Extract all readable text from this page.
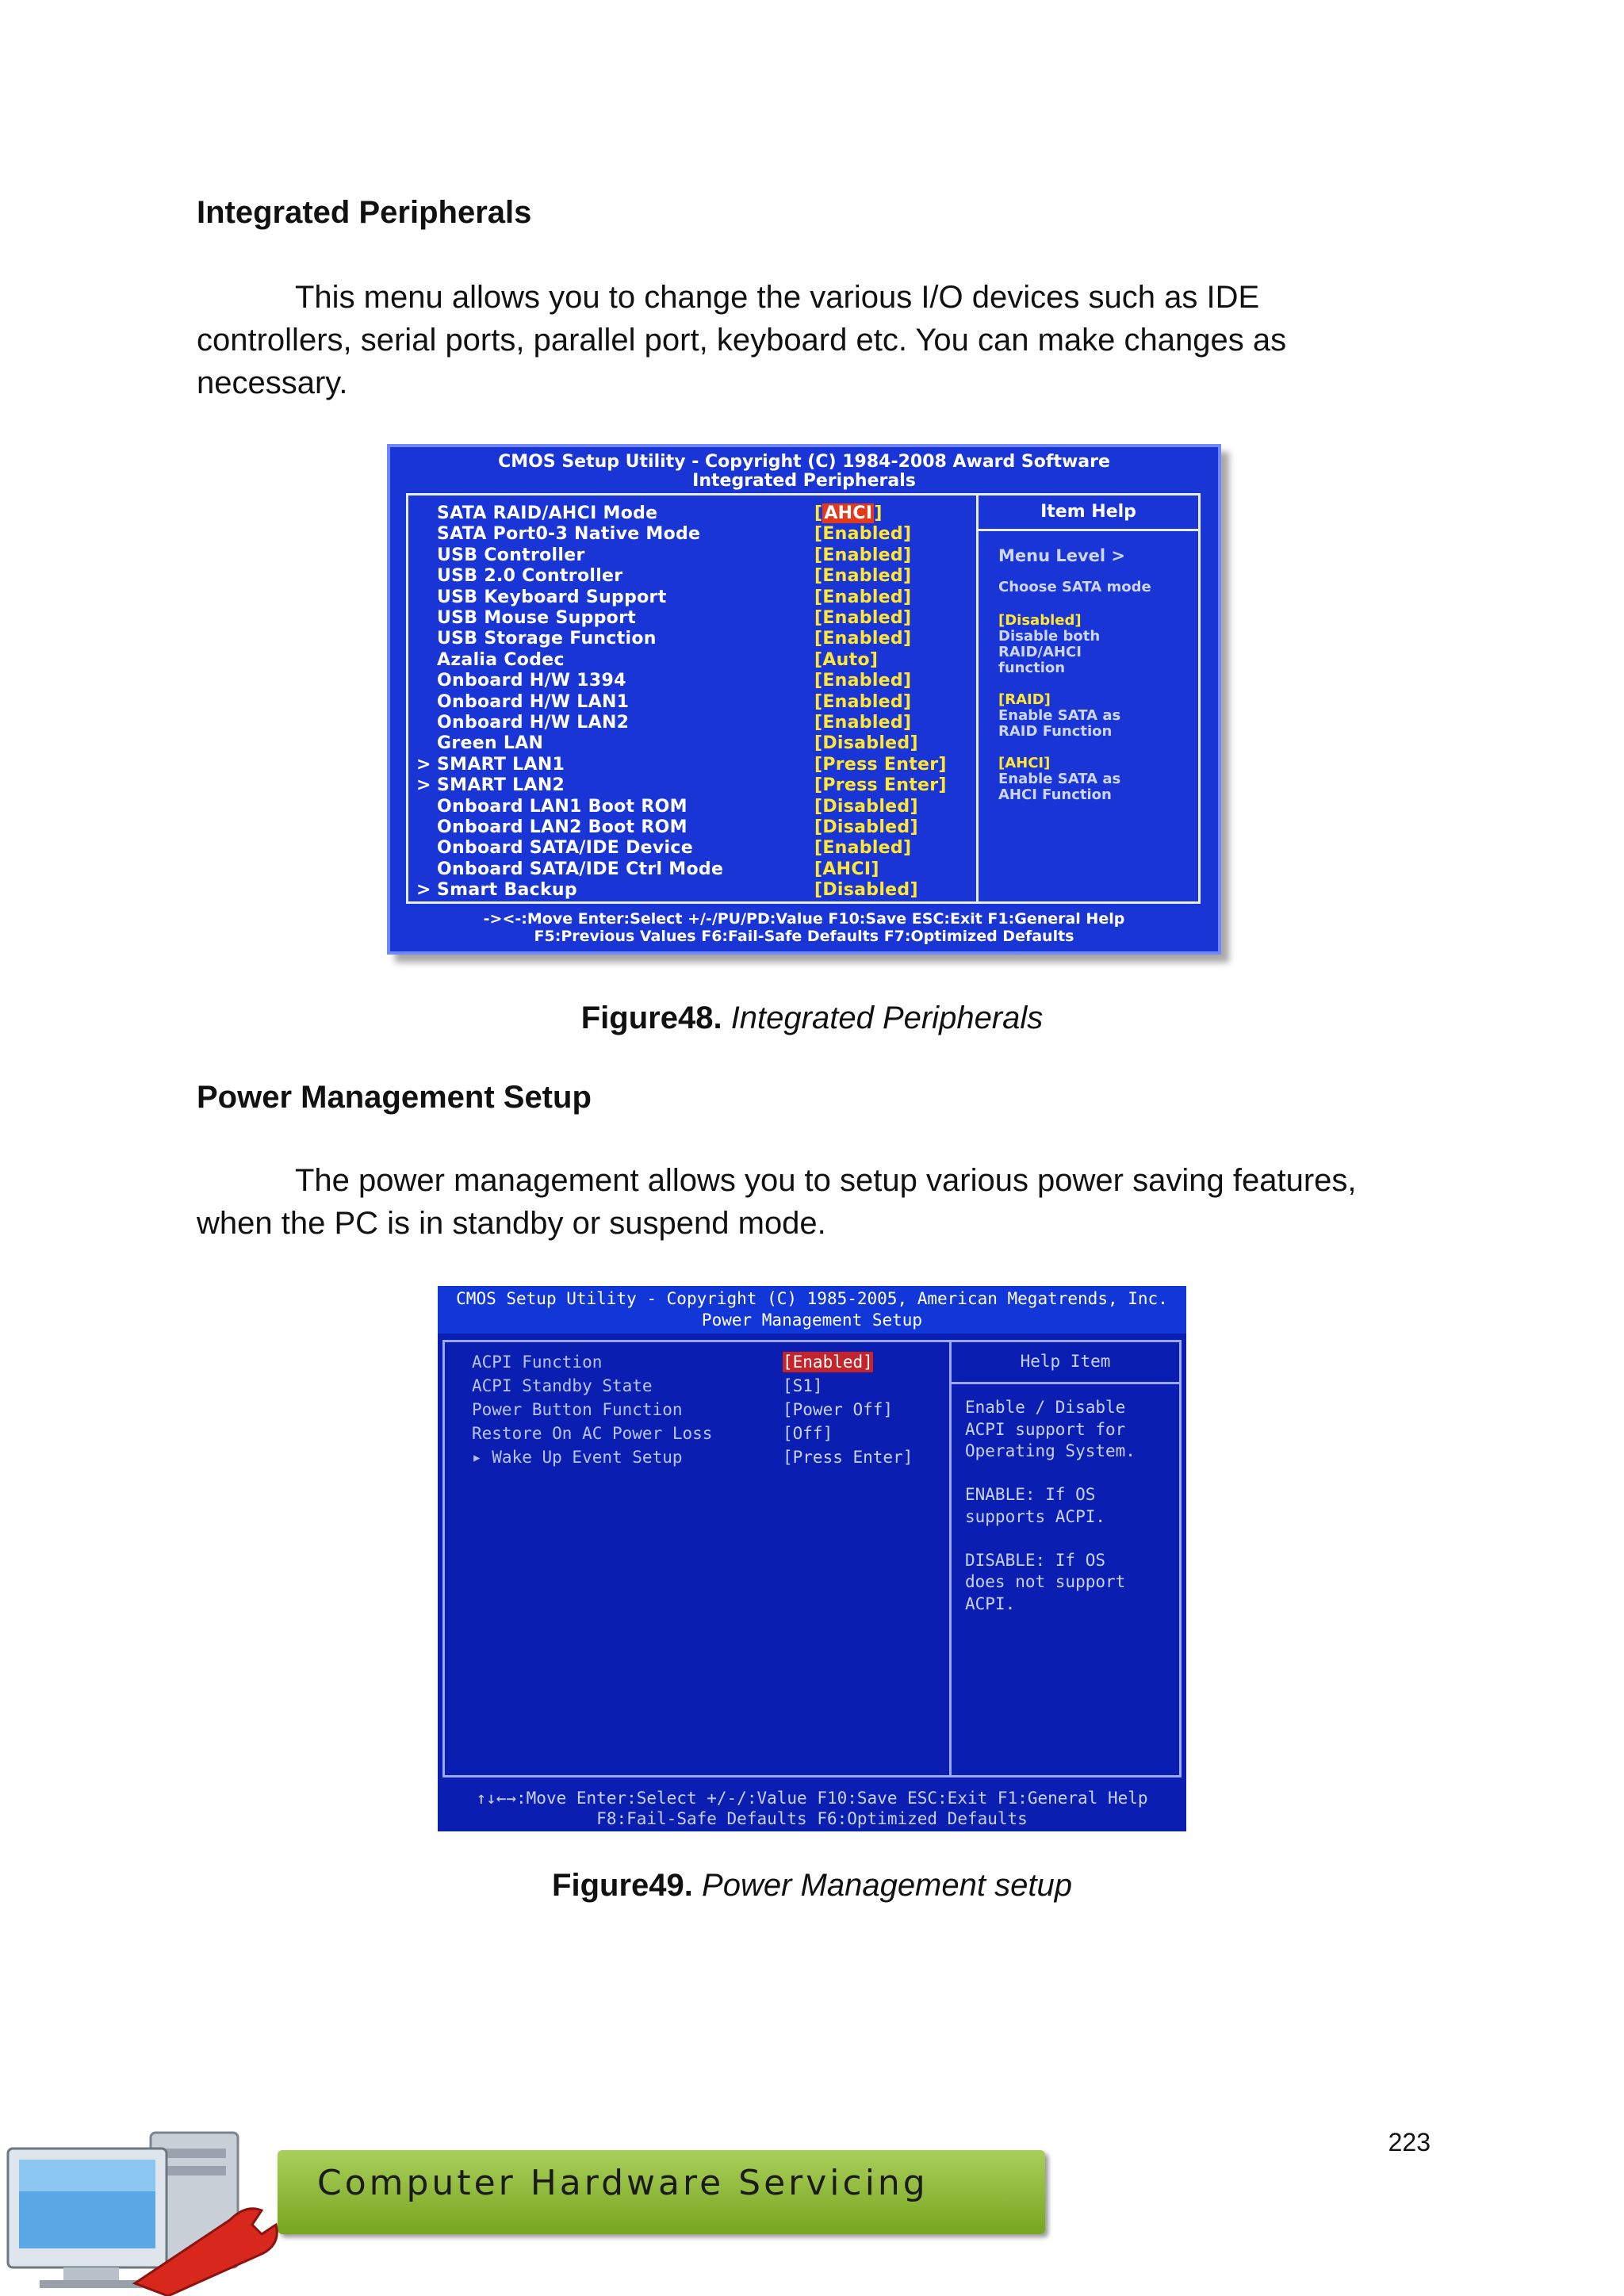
Integrated Peripherals
This menu allows you to change the various I/O devices such as IDE
controllers, serial ports, parallel port, keyboard etc. You can make changes as
necessary.
CMOS Setup Utility - Copyright (C) 1984-2008 Award Software
Integrated Peripherals
Item Help
SATA RAID/AHCI Mode	[AHCI]
SATA Port0-3 Native Mode	[Enabled]
USB Controller	[Enabled]
USB 2.0 Controller	[Enabled]
USB Keyboard Support	[Enabled]
USB Mouse Support	[Enabled]
USB Storage Function	[Enabled]
Azalia Codec	[Auto]
Onboard H/W 1394	[Enabled]
Onboard H/W LAN1	[Enabled]
Onboard H/W LAN2	[Enabled]
Green LAN	[Disabled]
> SMART LAN1	[Press Enter]
> SMART LAN2	[Press Enter]
Onboard LAN1 Boot ROM	[Disabled]
Onboard LAN2 Boot ROM	[Disabled]
Onboard SATA/IDE Device	[Enabled]
Onboard SATA/IDE Ctrl Mode	[AHCI]
> Smart Backup	[Disabled]
Menu Level >
Choose SATA mode
[Disabled]
Disable both
RAID/AHCI
function
[RAID]
Enable SATA as
RAID Function
[AHCI]
Enable SATA as
AHCI Function
-><-:Move Enter:Select +/-/PU/PD:Value F10:Save ESC:Exit F1:General Help
F5:Previous Values F6:Fail-Safe Defaults F7:Optimized Defaults
Figure48. Integrated Peripherals
Power Management Setup
The power management allows you to setup various power saving features,
when the PC is in standby or suspend mode.
CMOS Setup Utility - Copyright (C) 1985-2005, American Megatrends, Inc.
Power Management Setup
Help Item
ACPI Function	[Enabled]
ACPI Standby State	[S1]
Power Button Function	[Power Off]
Restore On AC Power Loss	[Off]
▸ Wake Up Event Setup	[Press Enter]
Enable / Disable
ACPI support for
Operating System.
ENABLE: If OS
supports ACPI.
DISABLE: If OS
does not support
ACPI.
↑↓←→:Move Enter:Select +/-/:Value F10:Save ESC:Exit F1:General Help
F8:Fail-Safe Defaults F6:Optimized Defaults
Figure49. Power Management setup
223
Computer Hardware Servicing
